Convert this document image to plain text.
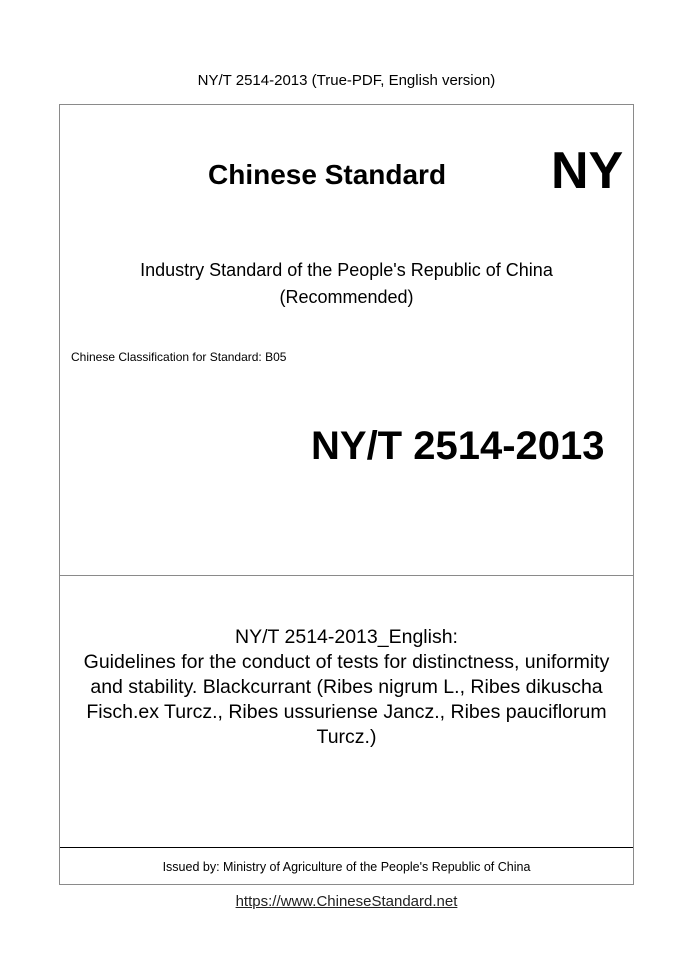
NY/T 2514-2013 (True-PDF, English version)
Chinese Standard NY
Industry Standard of the People's Republic of China
(Recommended)
Chinese Classification for Standard: B05
NY/T 2514-2013
NY/T 2514-2013_English:
Guidelines for the conduct of tests for distinctness, uniformity
and stability. Blackcurrant (Ribes nigrum L., Ribes dikuscha
Fisch.ex Turcz., Ribes ussuriense Jancz., Ribes pauciflorum
Turcz.)
Issued by: Ministry of Agriculture of the People's Republic of China
https://www.ChineseStandard.net
